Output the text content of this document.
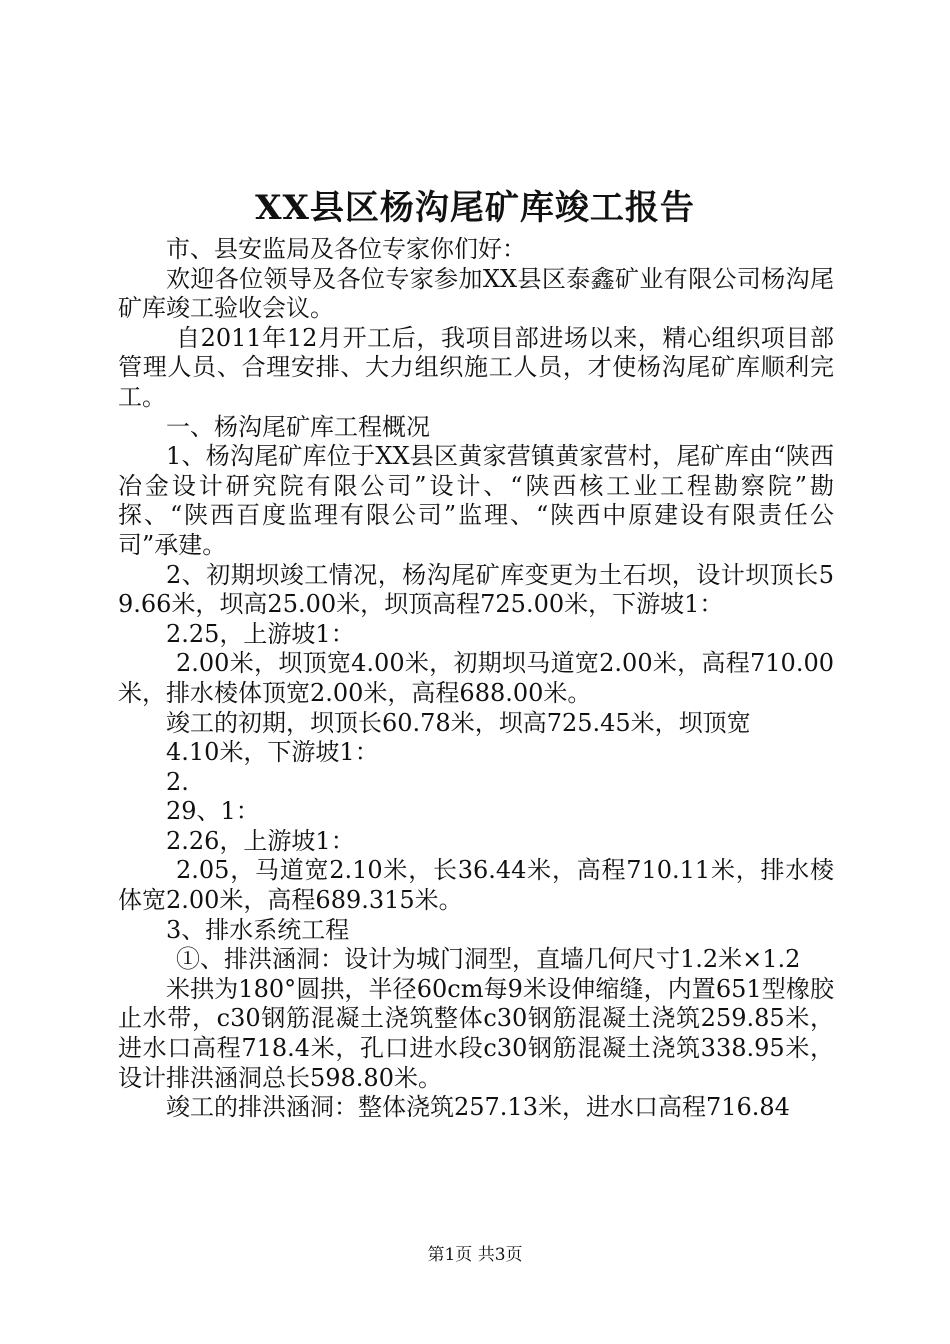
XX县区杨沟尾矿库竣工报告

市、县安监局及各位专家你们好：

欢迎各位领导及各位专家参加XX县区泰鑫矿业有限公司杨沟尾矿库竣工验收会议。

自2011年12月开工后，我项目部进场以来，精心组织项目部管理人员、合理安排、大力组织施工人员，才使杨沟尾矿库顺利完工。

一、杨沟尾矿库工程概况

1、杨沟尾矿库位于XX县区黄家营镇黄家营村，尾矿库由“陕西冶金设计研究院有限公司”设计、“陕西核工业工程勘察院”勘探、“陕西百度监理有限公司”监理、“陕西中原建设有限责任公司”承建。

2、初期坝竣工情况，杨沟尾矿库变更为土石坝，设计坝顶长59.66米，坝高25.00米，坝顶高程725.00米，下游坡1：

2.25，上游坡1：

2.00米，坝顶宽4.00米，初期坝马道宽2.00米，高程710.00米，排水棱体顶宽2.00米，高程688.00米。

竣工的初期，坝顶长60.78米，坝高725.45米，坝顶宽

4.10米，下游坡1：

2.

29、1：

2.26，上游坡1：

2.05，马道宽2.10米，长36.44米，高程710.11米，排水棱体宽2.00米，高程689.315米。

3、排水系统工程

①、排洪涵洞：设计为城门洞型，直墙几何尺寸1.2米×1.2

米拱为180°圆拱，半径60cm每9米设伸缩缝，内置651型橡胶止水带，c30钢筋混凝土浇筑整体c30钢筋混凝土浇筑259.85米，进水口高程718.4米，孔口进水段c30钢筋混凝土浇筑338.95米，设计排洪涵洞总长598.80米。

竣工的排洪涵洞：整体浇筑257.13米，进水口高程716.84

第1页 共3页
